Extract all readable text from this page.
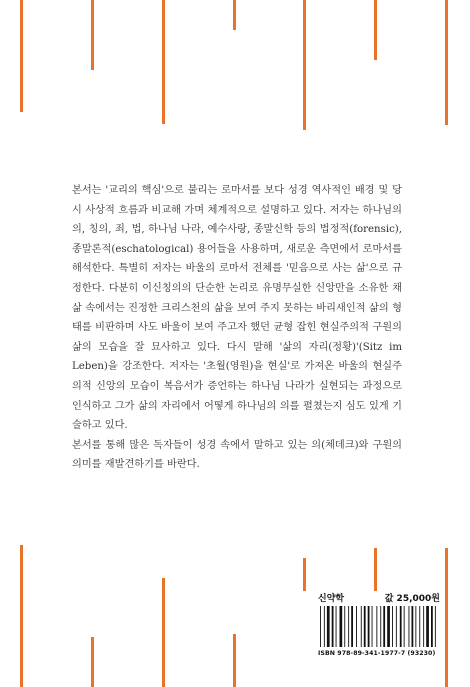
본서는 '교리의 핵심'으로 불리는 로마서를 보다 성경 역사적인 배경 및 당시 사상적 흐름과 비교해 가며 체계적으로 설명하고 있다. 저자는 하나님의 의, 칭의, 죄, 법, 하나님 나라, 예수사랑, 종말신학 등의 법정적(forensic), 종말론적(eschatological) 용어들을 사용하며, 새로운 측면에서 로마서를 해석한다. 특별히 저자는 바울의 로마서 전체를 '믿음으로 사는 삶'으로 규정한다. 다분히 이신칭의의 단순한 논리로 유명무실한 신앙만을 소유한 채 삶 속에서는 진정한 크리스천의 삶을 보여 주지 못하는 바리새인적 삶의 형태를 비판하며 사도 바울이 보여 주고자 했던 균형 잡힌 현실주의적 구원의 삶의 모습을 잘 묘사하고 있다. 다시 말해 '삶의 자리(정황)'(Sitz im Leben)을 강조한다. 저자는 '초월(영원)을 현실'로 가져온 바울의 현실주의적 신앙의 모습이 복음서가 증언하는 하나님 나라가 실현되는 과정으로 인식하고 그가 삶의 자리에서 어떻게 하나님의 의를 펼쳤는지 심도 있게 기술하고 있다.

본서를 통해 많은 독자들이 성경 속에서 말하고 있는 의(체데크)와 구원의 의미를 재발견하기를 바란다.

신약학	값 25,000원
ISBN 978-89-341-1977-7 (93230)
